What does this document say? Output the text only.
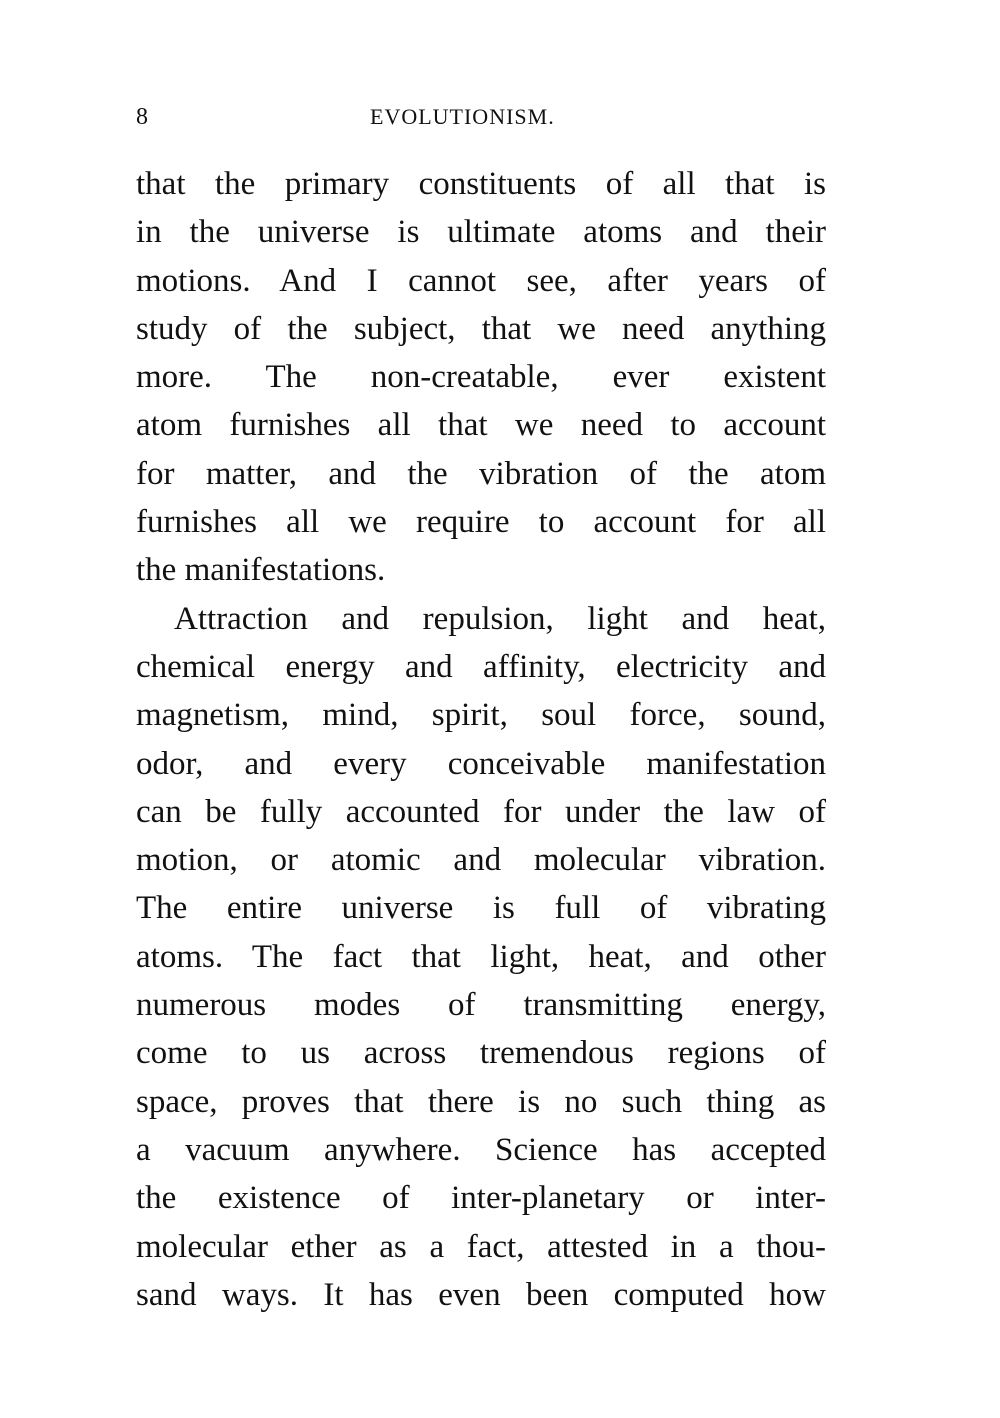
8	EVOLUTIONISM.
that the primary constituents of all that is
in the universe is ultimate atoms and their
motions. And I cannot see, after years of
study of the subject, that we need anything
more. The non-creatable, ever existent
atom furnishes all that we need to account
for matter, and the vibration of the atom
furnishes all we require to account for all
the manifestations.
Attraction and repulsion, light and heat,
chemical energy and affinity, electricity and
magnetism, mind, spirit, soul force, sound,
odor, and every conceivable manifestation
can be fully accounted for under the law of
motion, or atomic and molecular vibration.
The entire universe is full of vibrating
atoms. The fact that light, heat, and other
numerous modes of transmitting energy,
come to us across tremendous regions of
space, proves that there is no such thing as
a vacuum anywhere. Science has accepted
the existence of inter-planetary or inter-
molecular ether as a fact, attested in a thou-
sand ways. It has even been computed how
